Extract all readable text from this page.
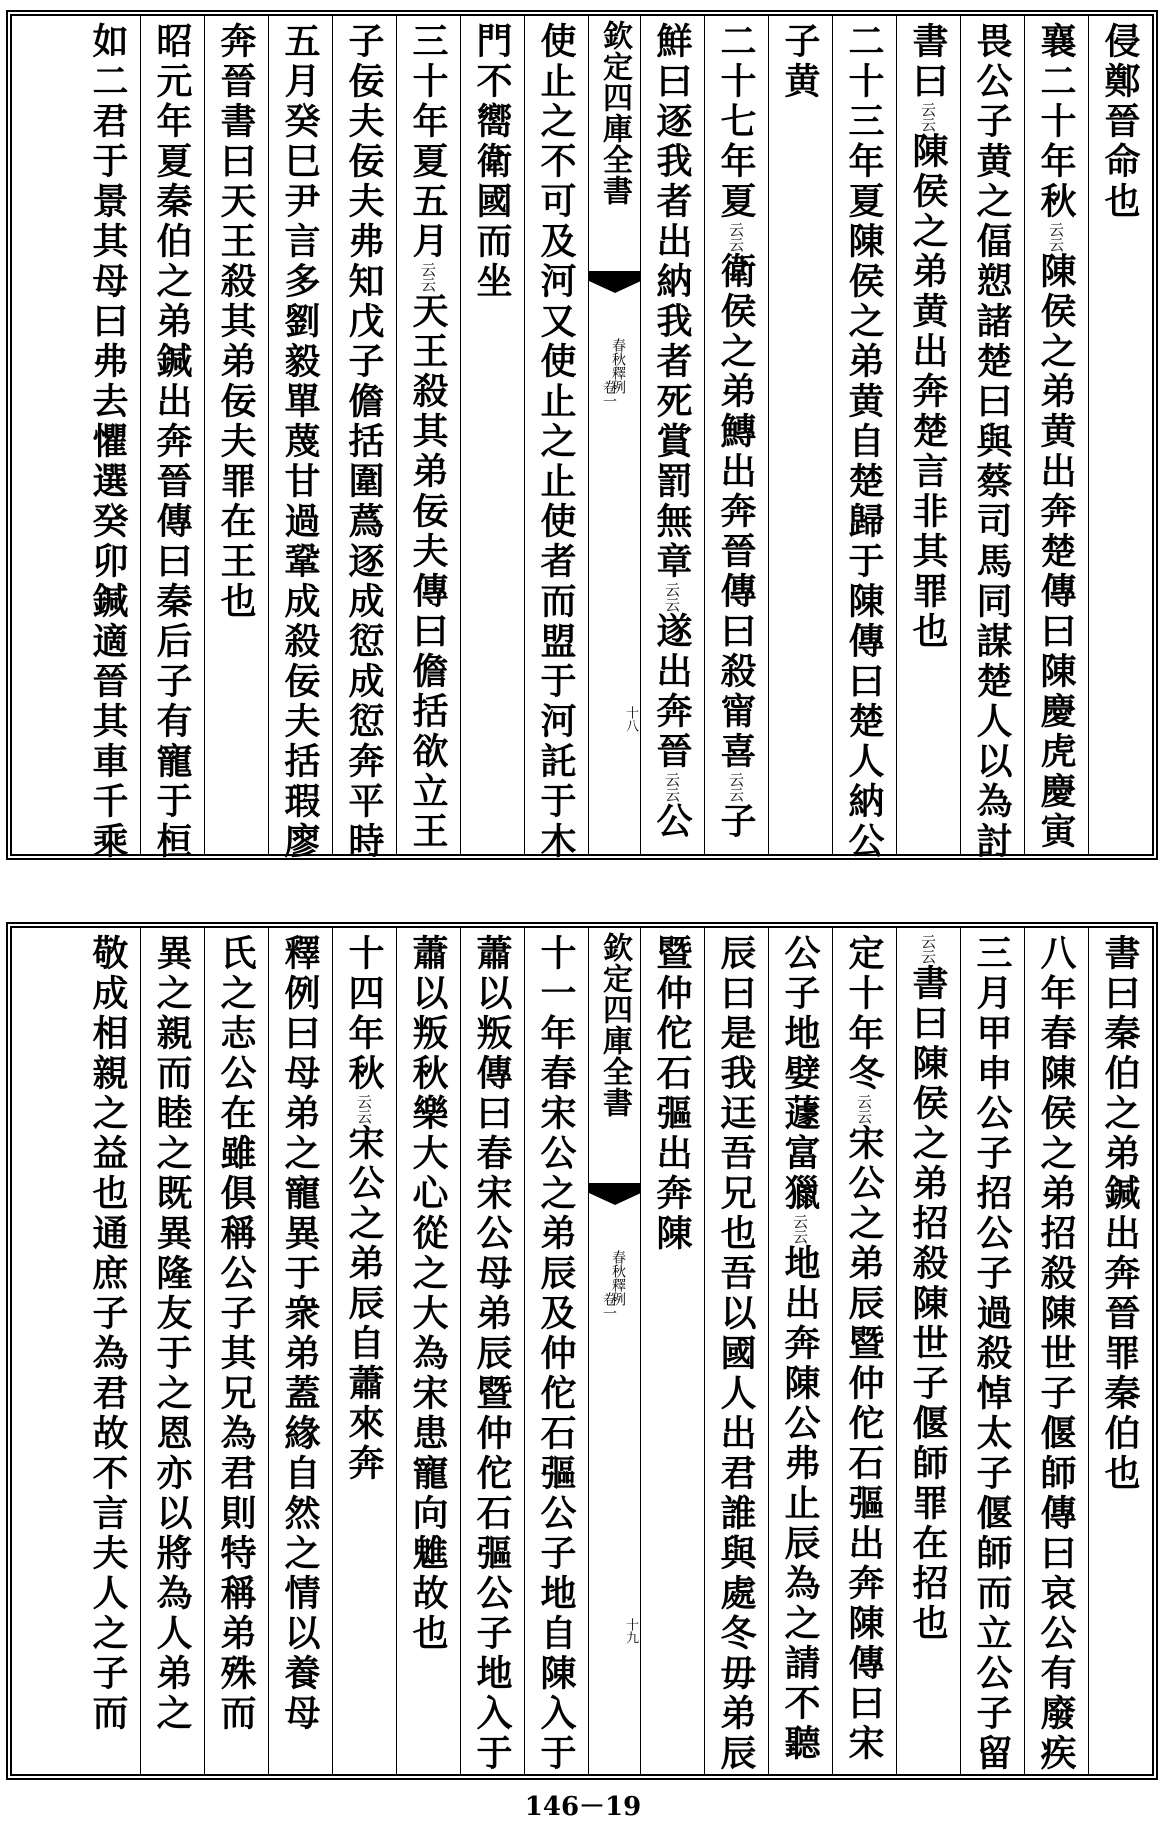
侵鄭晉命也
襄二十年秋云云陳侯之弟黄出奔楚傳曰陳慶虎慶寅
畏公子黄之偪愬諸楚曰與蔡司馬同謀楚人以為討
書曰云云陳侯之弟黄出奔楚言非其罪也
二十三年夏陳侯之弟黄自楚歸于陳傳曰楚人納公
子黄
二十七年夏云云衛侯之弟鱄出奔晉傳曰殺甯喜云云子
鮮曰逐我者出納我者死賞罰無章云云遂出奔晉云云公
欽定四庫全書
春秋釋例
卷一
十八
使止之不可及河又使止之止使者而盟于河託于木
門不嚮衛國而坐
三十年夏五月云云天王殺其弟佞夫傳曰儋括欲立王
子佞夫佞夫弗知戊子儋括圍蔿逐成愆成愆奔平時
五月癸巳尹言多劉毅單蔑甘過鞏成殺佞夫括瑕廖
奔晉書曰天王殺其弟佞夫罪在王也
昭元年夏秦伯之弟鍼出奔晉傳曰秦后子有寵于桓
如二君于景其母曰弗去懼選癸卯鍼適晉其車千乘
書曰秦伯之弟鍼出奔晉罪秦伯也
八年春陳侯之弟招殺陳世子偃師傳曰哀公有廢疾
三月甲申公子招公子過殺悼太子偃師而立公子留
云云書曰陳侯之弟招殺陳世子偃師罪在招也
定十年冬云云宋公之弟辰暨仲佗石彄出奔陳傳曰宋
公子地嬖蘧富獵云云地出奔陳公弗止辰為之請不聽
辰曰是我迋吾兄也吾以國人出君誰與處冬毋弟辰
暨仲佗石彄出奔陳
欽定四庫全書
春秋釋例
卷一
十九
十一年春宋公之弟辰及仲佗石彄公子地自陳入于
蕭以叛傳曰春宋公母弟辰暨仲佗石彄公子地入于
蕭以叛秋樂大心從之大為宋患寵向魋故也
十四年秋云云宋公之弟辰自蕭來奔
釋例曰母弟之寵異于衆弟蓋緣自然之情以養母
氏之志公在雖俱稱公子其兄為君則特稱弟殊而
異之親而睦之既異隆友于之恩亦以將為人弟之
敬成相親之益也通庶子為君故不言夫人之子而
146－19
